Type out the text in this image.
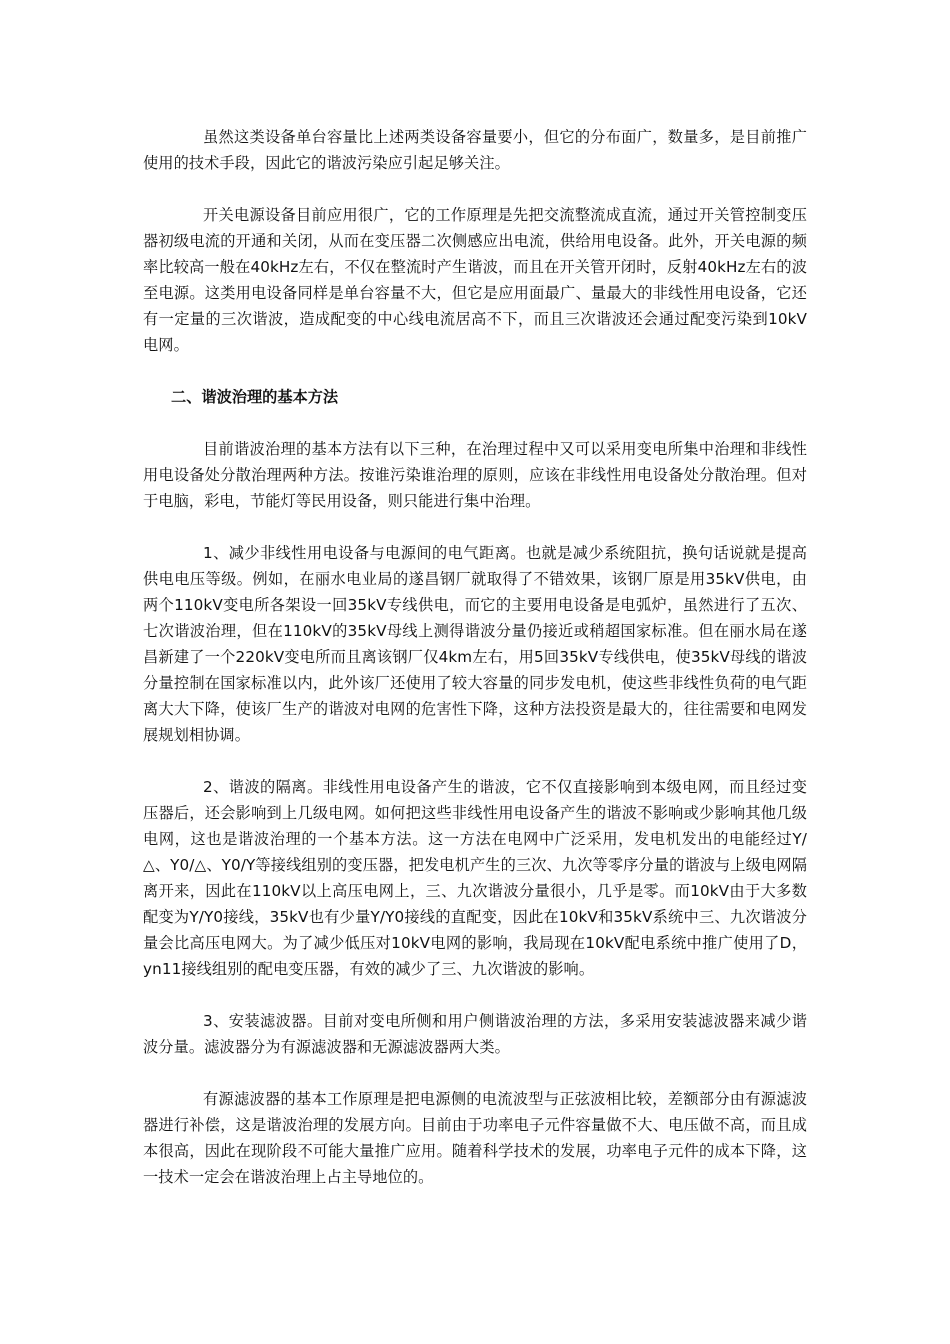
虽然这类设备单台容量比上述两类设备容量要小，但它的分布面广，数量多，是目前推广使用的技术手段，因此它的谐波污染应引起足够关注。

开关电源设备目前应用很广，它的工作原理是先把交流整流成直流，通过开关管控制变压器初级电流的开通和关闭，从而在变压器二次侧感应出电流，供给用电设备。此外，开关电源的频率比较高一般在40kHz左右，不仅在整流时产生谐波，而且在开关管开闭时，反射40kHz左右的波至电源。这类用电设备同样是单台容量不大，但它是应用面最广、量最大的非线性用电设备，它还有一定量的三次谐波，造成配变的中心线电流居高不下，而且三次谐波还会通过配变污染到10kV电网。

二、谐波治理的基本方法

目前谐波治理的基本方法有以下三种，在治理过程中又可以采用变电所集中治理和非线性用电设备处分散治理两种方法。按谁污染谁治理的原则，应该在非线性用电设备处分散治理。但对于电脑，彩电，节能灯等民用设备，则只能进行集中治理。

1、减少非线性用电设备与电源间的电气距离。也就是减少系统阻抗，换句话说就是提高供电电压等级。例如，在丽水电业局的遂昌钢厂就取得了不错效果，该钢厂原是用35kV供电，由两个110kV变电所各架设一回35kV专线供电，而它的主要用电设备是电弧炉，虽然进行了五次、七次谐波治理，但在110kV的35kV母线上测得谐波分量仍接近或稍超国家标准。但在丽水局在遂昌新建了一个220kV变电所而且离该钢厂仅4km左右，用5回35kV专线供电，使35kV母线的谐波分量控制在国家标准以内，此外该厂还使用了较大容量的同步发电机，使这些非线性负荷的电气距离大大下降，使该厂生产的谐波对电网的危害性下降，这种方法投资是最大的，往往需要和电网发展规划相协调。

2、谐波的隔离。非线性用电设备产生的谐波，它不仅直接影响到本级电网，而且经过变压器后，还会影响到上几级电网。如何把这些非线性用电设备产生的谐波不影响或少影响其他几级电网，这也是谐波治理的一个基本方法。这一方法在电网中广泛采用，发电机发出的电能经过Y/△、Y0/△、Y0/Y等接线组别的变压器，把发电机产生的三次、九次等零序分量的谐波与上级电网隔离开来，因此在110kV以上高压电网上，三、九次谐波分量很小，几乎是零。而10kV由于大多数配变为Y/Y0接线，35kV也有少量Y/Y0接线的直配变，因此在10kV和35kV系统中三、九次谐波分量会比高压电网大。为了减少低压对10kV电网的影响，我局现在10kV配电系统中推广使用了D，yn11接线组别的配电变压器，有效的减少了三、九次谐波的影响。

3、安装滤波器。目前对变电所侧和用户侧谐波治理的方法，多采用安装滤波器来减少谐波分量。滤波器分为有源滤波器和无源滤波器两大类。

有源滤波器的基本工作原理是把电源侧的电流波型与正弦波相比较，差额部分由有源滤波器进行补偿，这是谐波治理的发展方向。目前由于功率电子元件容量做不大、电压做不高，而且成本很高，因此在现阶段不可能大量推广应用。随着科学技术的发展，功率电子元件的成本下降，这一技术一定会在谐波治理上占主导地位的。
